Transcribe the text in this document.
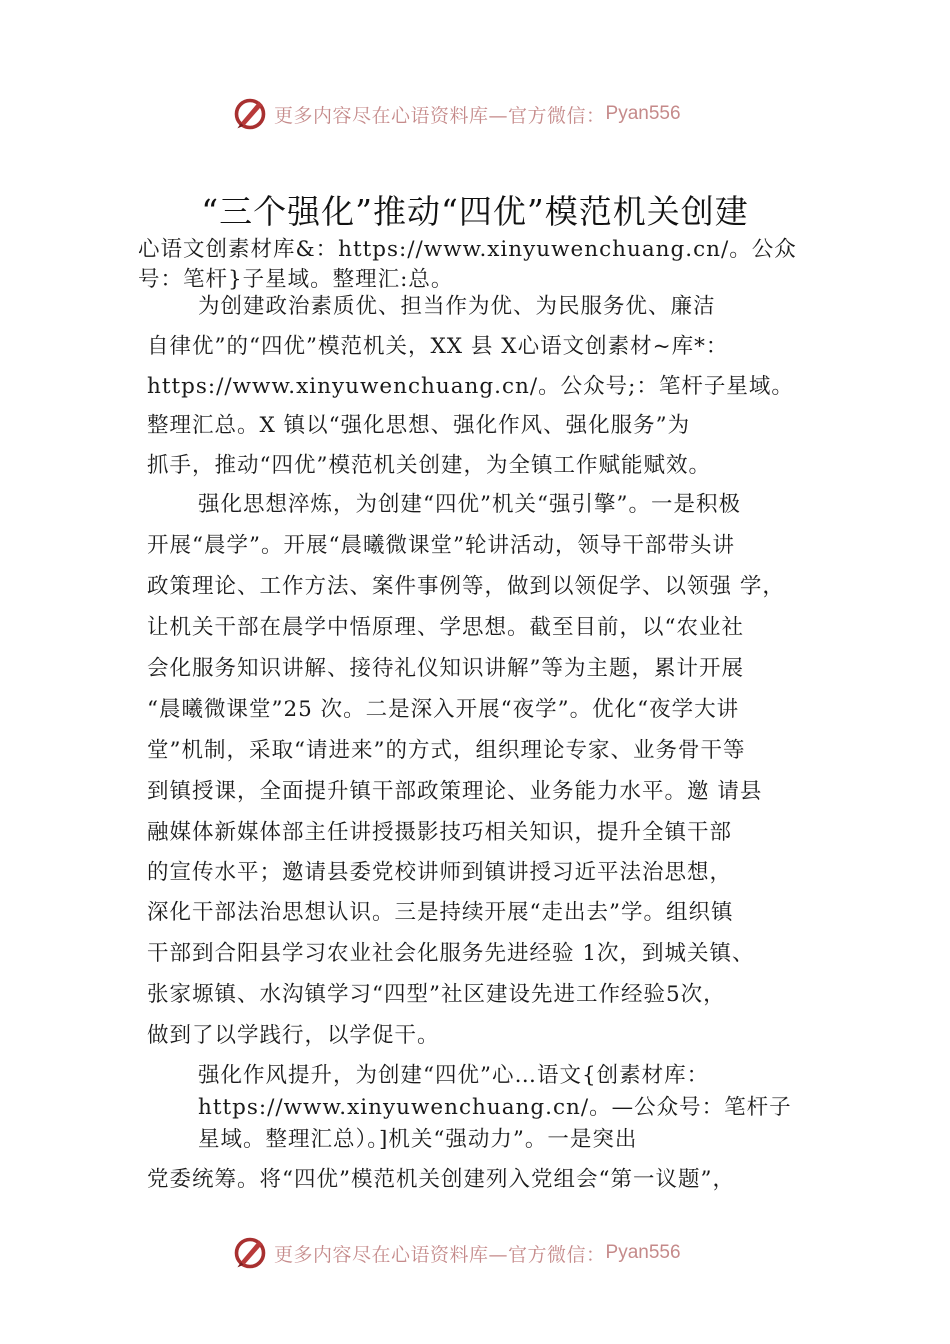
更多内容尽在心语资料库—官方微信： Pyan556
“三个强化”推动“四优”模范机关创建
心语文创素材库&：https://www.xinyuwenchuang.cn/。公众
号：笔杆}子星域。整理汇:总。
为创建政治素质优、担当作为优、为民服务优、廉洁
自律优”的“四优”模范机关，XX 县 X心语文创素材~库*：
https://www.xinyuwenchuang.cn/。公众号;：笔杆子星域。
整理汇总。X 镇以“强化思想、强化作风、强化服务”为
抓手，推动“四优”模范机关创建，为全镇工作赋能赋效。
强化思想淬炼，为创建“四优”机关“强引擎”。一是积极
开展“晨学”。开展“晨曦微课堂”轮讲活动，领导干部带头讲
政策理论、工作方法、案件事例等，做到以领促学、以领强 学，
让机关干部在晨学中悟原理、学思想。截至目前，以“农业社
会化服务知识讲解、接待礼仪知识讲解”等为主题，累计开展
“晨曦微课堂”25 次。二是深入开展“夜学”。优化“夜学大讲
堂”机制，采取“请进来”的方式，组织理论专家、业务骨干等
到镇授课，全面提升镇干部政策理论、业务能力水平。邀 请县
融媒体新媒体部主任讲授摄影技巧相关知识，提升全镇干部
的宣传水平；邀请县委党校讲师到镇讲授习近平法治思想，
深化干部法治思想认识。三是持续开展“走出去”学。组织镇
干部到合阳县学习农业社会化服务先进经验 1次，到城关镇、
张家塬镇、水沟镇学习“四型”社区建设先进工作经验5次，
做到了以学践行，以学促干。
强化作风提升，为创建“四优”心…语文{创素材库：
https://www.xinyuwenchuang.cn/。—公众号：笔杆子
星域。整理汇总）。]机关“强动力”。一是突出
党委统筹。将“四优”模范机关创建列入党组会“第一议题”，
更多内容尽在心语资料库—官方微信： Pyan556
